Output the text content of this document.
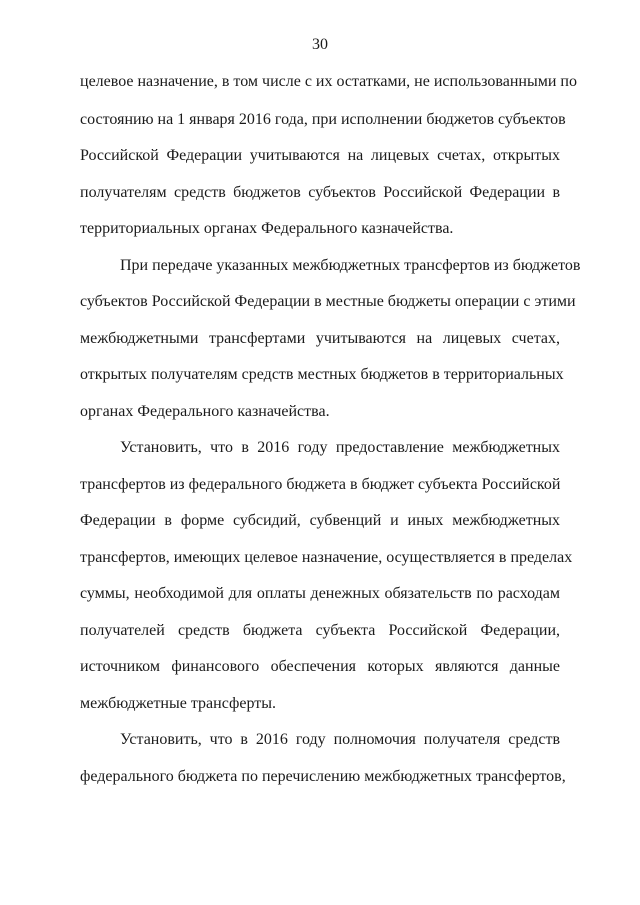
30
целевое назначение, в том числе с их остатками, не использованными по
состоянию на 1 января 2016 года, при исполнении бюджетов субъектов
Российской Федерации учитываются на лицевых счетах, открытых
получателям средств бюджетов субъектов Российской Федерации в
территориальных органах Федерального казначейства.
При передаче указанных межбюджетных трансфертов из бюджетов
субъектов Российской Федерации в местные бюджеты операции с этими
межбюджетными трансфертами учитываются на лицевых счетах,
открытых получателям средств местных бюджетов в территориальных
органах Федерального казначейства.
Установить, что в 2016 году предоставление межбюджетных
трансфертов из федерального бюджета в бюджет субъекта Российской
Федерации в форме субсидий, субвенций и иных межбюджетных
трансфертов, имеющих целевое назначение, осуществляется в пределах
суммы, необходимой для оплаты денежных обязательств по расходам
получателей средств бюджета субъекта Российской Федерации,
источником финансового обеспечения которых являются данные
межбюджетные трансферты.
Установить, что в 2016 году полномочия получателя средств
федерального бюджета по перечислению межбюджетных трансфертов,
